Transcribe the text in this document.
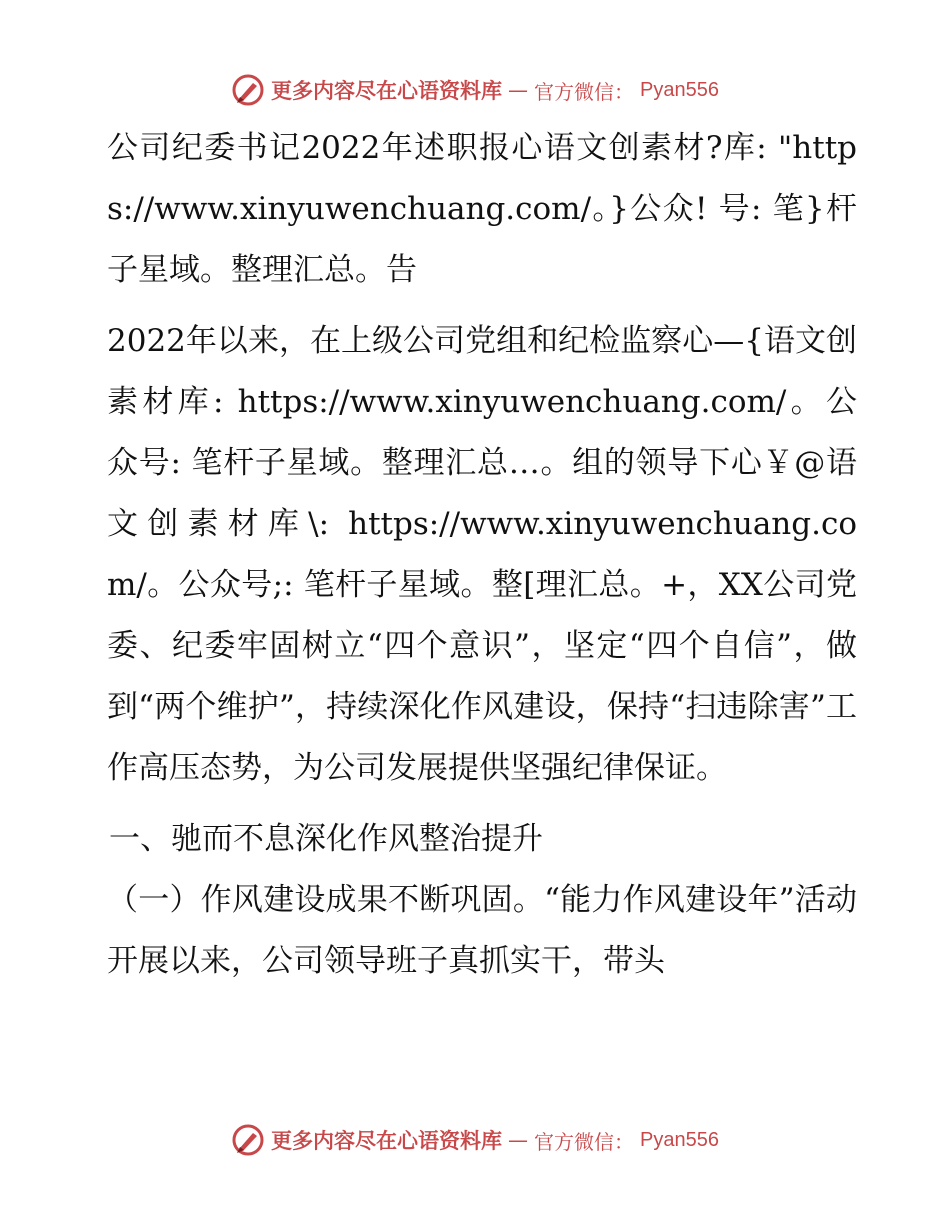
更多内容尽在心语资料库 — 官方微信： Pyan556

公司纪委书记2022年述职报心语文创素材?库: "https://www.xinyuwenchuang.com/。}公众! 号: 笔}杆子星域。整理汇总。告

2022年以来，在上级公司党组和纪检监察心—{语文创素材库: https://www.xinyuwenchuang.com/。公众号: 笔杆子星域。整理汇总…。组的领导下心￥@语文创素材库\: https://www.xinyuwenchuang.com/。公众号;: 笔杆子星域。整[理汇总。+，XX公司党委、纪委牢固树立“四个意识”，坚定“四个自信”，做到“两个维护”，持续深化作风建设，保持“扫违除害”工作高压态势，为公司发展提供坚强纪律保证。

一、驰而不息深化作风整治提升

（一）作风建设成果不断巩固。“能力作风建设年”活动开展以来，公司领导班子真抓实干，带头

更多内容尽在心语资料库 — 官方微信： Pyan556
